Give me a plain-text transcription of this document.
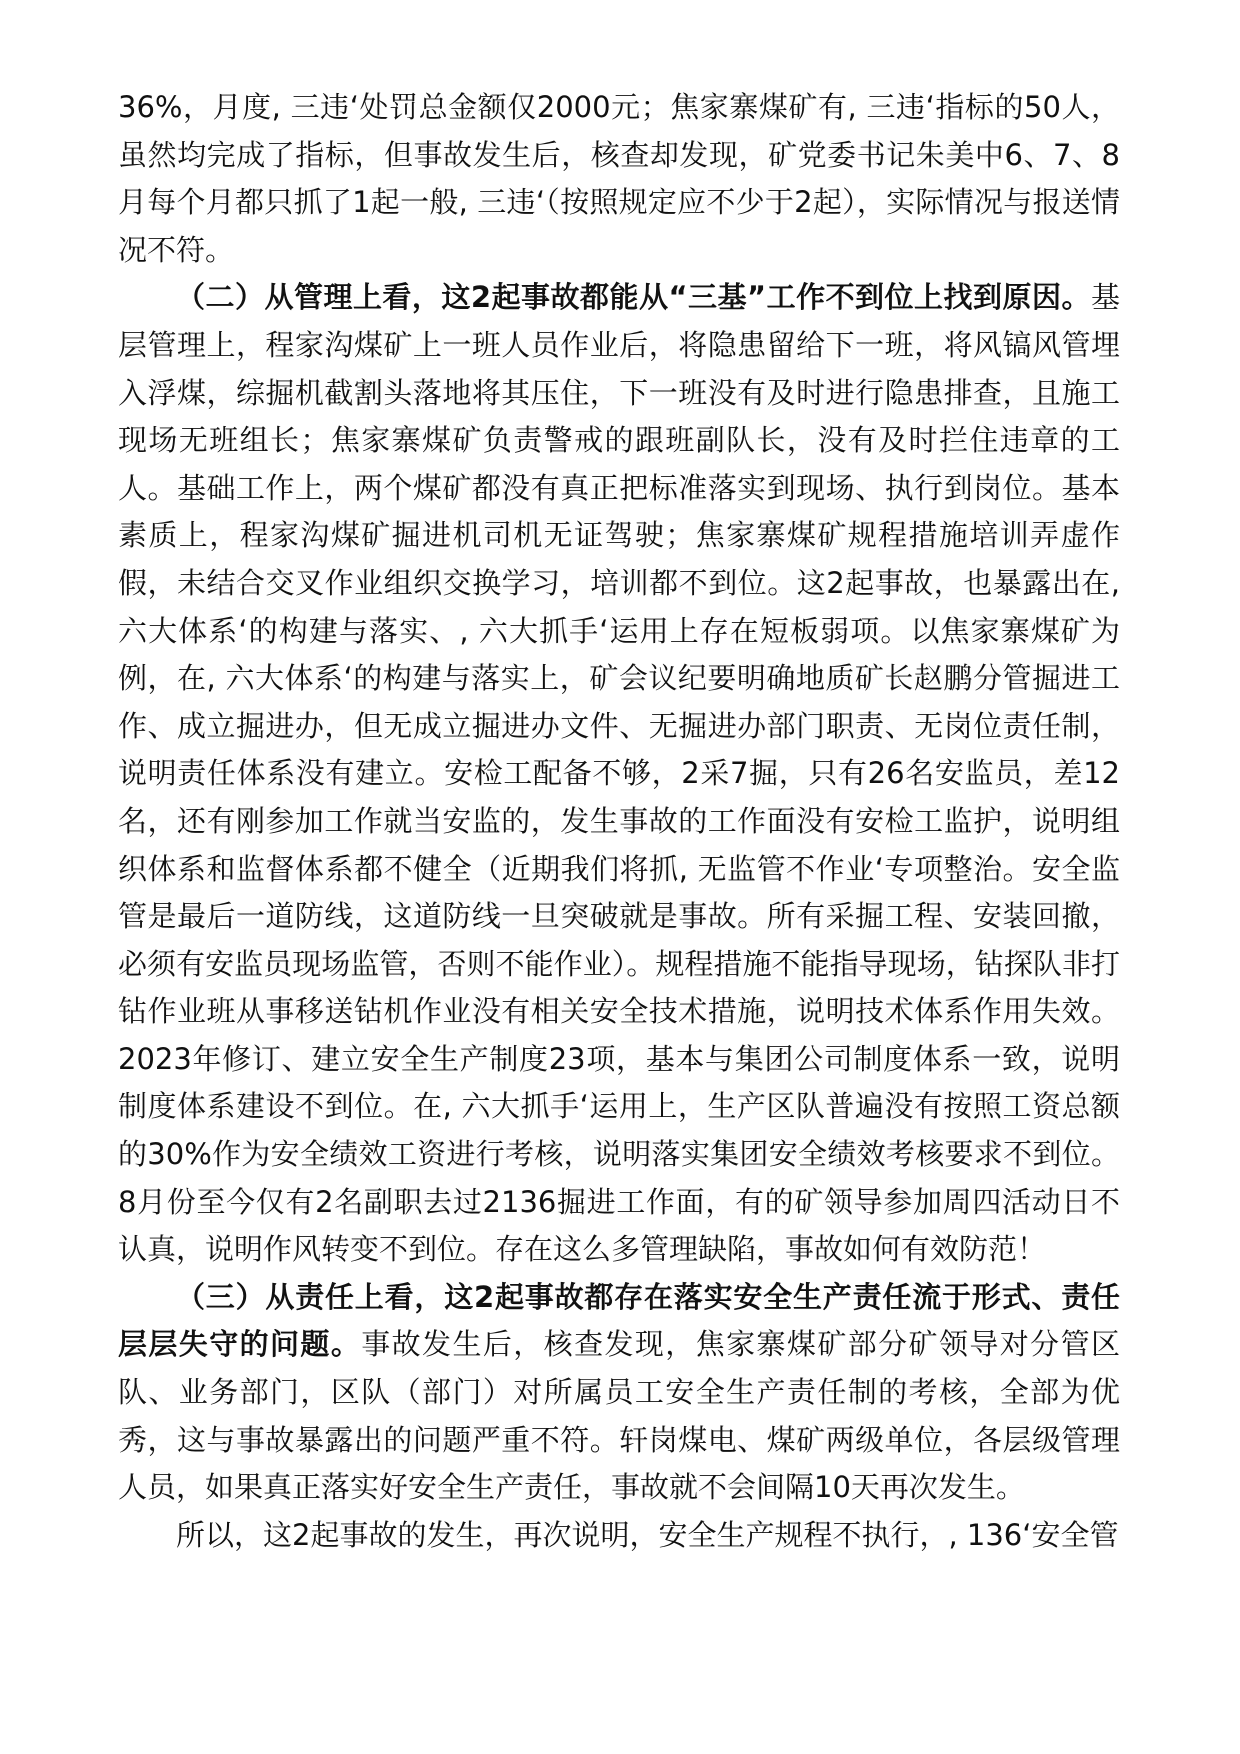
36%，月度, 三违‘处罚总金额仅2000元；焦家寨煤矿有, 三违‘指标的50人，虽然均完成了指标，但事故发生后，核查却发现，矿党委书记朱美中6、7、8月每个月都只抓了1起一般, 三违‘（按照规定应不少于2起），实际情况与报送情况不符。

（二）从管理上看，这2起事故都能从“三基”工作不到位上找到原因。基层管理上，程家沟煤矿上一班人员作业后，将隐患留给下一班，将风镐风管埋入浮煤，综掘机截割头落地将其压住，下一班没有及时进行隐患排查，且施工现场无班组长；焦家寨煤矿负责警戒的跟班副队长，没有及时拦住违章的工人。基础工作上，两个煤矿都没有真正把标准落实到现场、执行到岗位。基本素质上，程家沟煤矿掘进机司机无证驾驶；焦家寨煤矿规程措施培训弄虚作假，未结合交叉作业组织交换学习，培训都不到位。这2起事故，也暴露出在, 六大体系‘的构建与落实、, 六大抓手‘运用上存在短板弱项。以焦家寨煤矿为例，在, 六大体系‘的构建与落实上，矿会议纪要明确地质矿长赵鹏分管掘进工作、成立掘进办，但无成立掘进办文件、无掘进办部门职责、无岗位责任制，说明责任体系没有建立。安检工配备不够，2采7掘，只有26名安监员，差12名，还有刚参加工作就当安监的，发生事故的工作面没有安检工监护，说明组织体系和监督体系都不健全（近期我们将抓, 无监管不作业‘专项整治。安全监管是最后一道防线，这道防线一旦突破就是事故。所有采掘工程、安装回撤，必须有安监员现场监管，否则不能作业）。规程措施不能指导现场，钻探队非打钻作业班从事移送钻机作业没有相关安全技术措施，说明技术体系作用失效。2023年修订、建立安全生产制度23项，基本与集团公司制度体系一致，说明制度体系建设不到位。在, 六大抓手‘运用上，生产区队普遍没有按照工资总额的30%作为安全绩效工资进行考核，说明落实集团安全绩效考核要求不到位。8月份至今仅有2名副职去过2136掘进工作面，有的矿领导参加周四活动日不认真，说明作风转变不到位。存在这么多管理缺陷，事故如何有效防范！

（三）从责任上看，这2起事故都存在落实安全生产责任流于形式、责任层层失守的问题。事故发生后，核查发现，焦家寨煤矿部分矿领导对分管区队、业务部门，区队（部门）对所属员工安全生产责任制的考核，全部为优秀，这与事故暴露出的问题严重不符。轩岗煤电、煤矿两级单位，各层级管理人员，如果真正落实好安全生产责任，事故就不会间隔10天再次发生。

所以，这2起事故的发生，再次说明，安全生产规程不执行，, 136‘安全管
